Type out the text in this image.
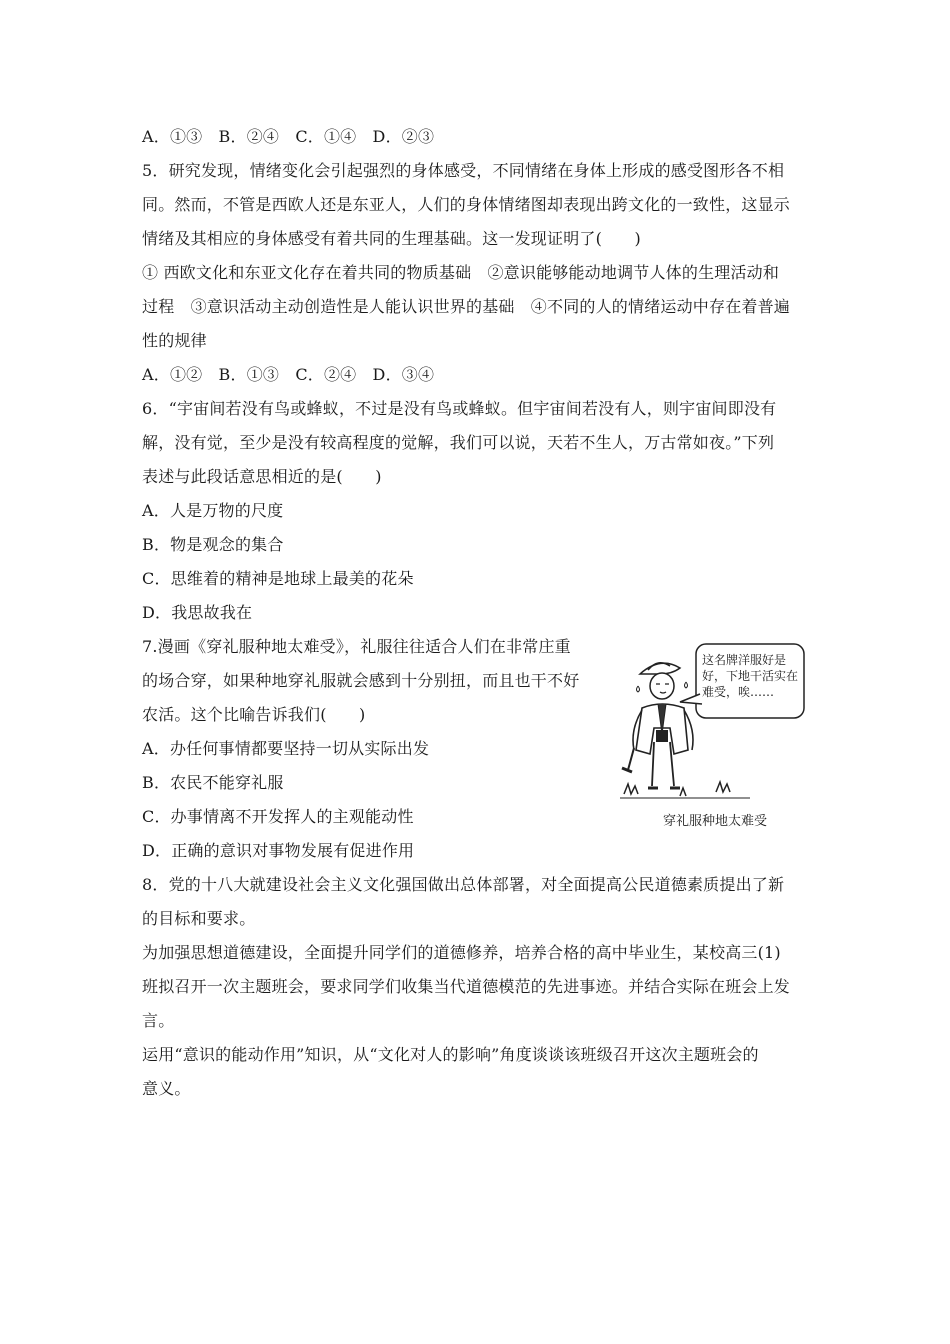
A．①③　B．②④　C．①④　D．②③
5．研究发现，情绪变化会引起强烈的身体感受，不同情绪在身体上形成的感受图形各不相
同。然而，不管是西欧人还是东亚人，人们的身体情绪图却表现出跨文化的一致性，这显示
情绪及其相应的身体感受有着共同的生理基础。这一发现证明了(　　)
① 西欧文化和东亚文化存在着共同的物质基础　②意识能够能动地调节人体的生理活动和
过程　③意识活动主动创造性是人能认识世界的基础　④不同的人的情绪运动中存在着普遍
性的规律
A．①②　B．①③　C．②④　D．③④
6．“宇宙间若没有鸟或蜂蚁，不过是没有鸟或蜂蚁。但宇宙间若没有人，则宇宙间即没有
解，没有觉，至少是没有较高程度的觉解，我们可以说，天若不生人，万古常如夜。”下列
表述与此段话意思相近的是(　　)
A．人是万物的尺度
B．物是观念的集合
C．思维着的精神是地球上最美的花朵
D．我思故我在
7.漫画《穿礼服种地太难受》，礼服往往适合人们在非常庄重
的场合穿，如果种地穿礼服就会感到十分别扭，而且也干不好
农活。这个比喻告诉我们(　　)
A．办任何事情都要坚持一切从实际出发
B．农民不能穿礼服
C．办事情离不开发挥人的主观能动性
D．正确的意识对事物发展有促进作用
这名牌洋服好是好，下地干活实在难受，唉……
穿礼服种地太难受
8．党的十八大就建设社会主义文化强国做出总体部署，对全面提高公民道德素质提出了新
的目标和要求。
为加强思想道德建设，全面提升同学们的道德修养，培养合格的高中毕业生，某校高三(1)
班拟召开一次主题班会，要求同学们收集当代道德模范的先进事迹。并结合实际在班会上发
言。
运用“意识的能动作用”知识，从“文化对人的影响”角度谈谈该班级召开这次主题班会的
意义。
